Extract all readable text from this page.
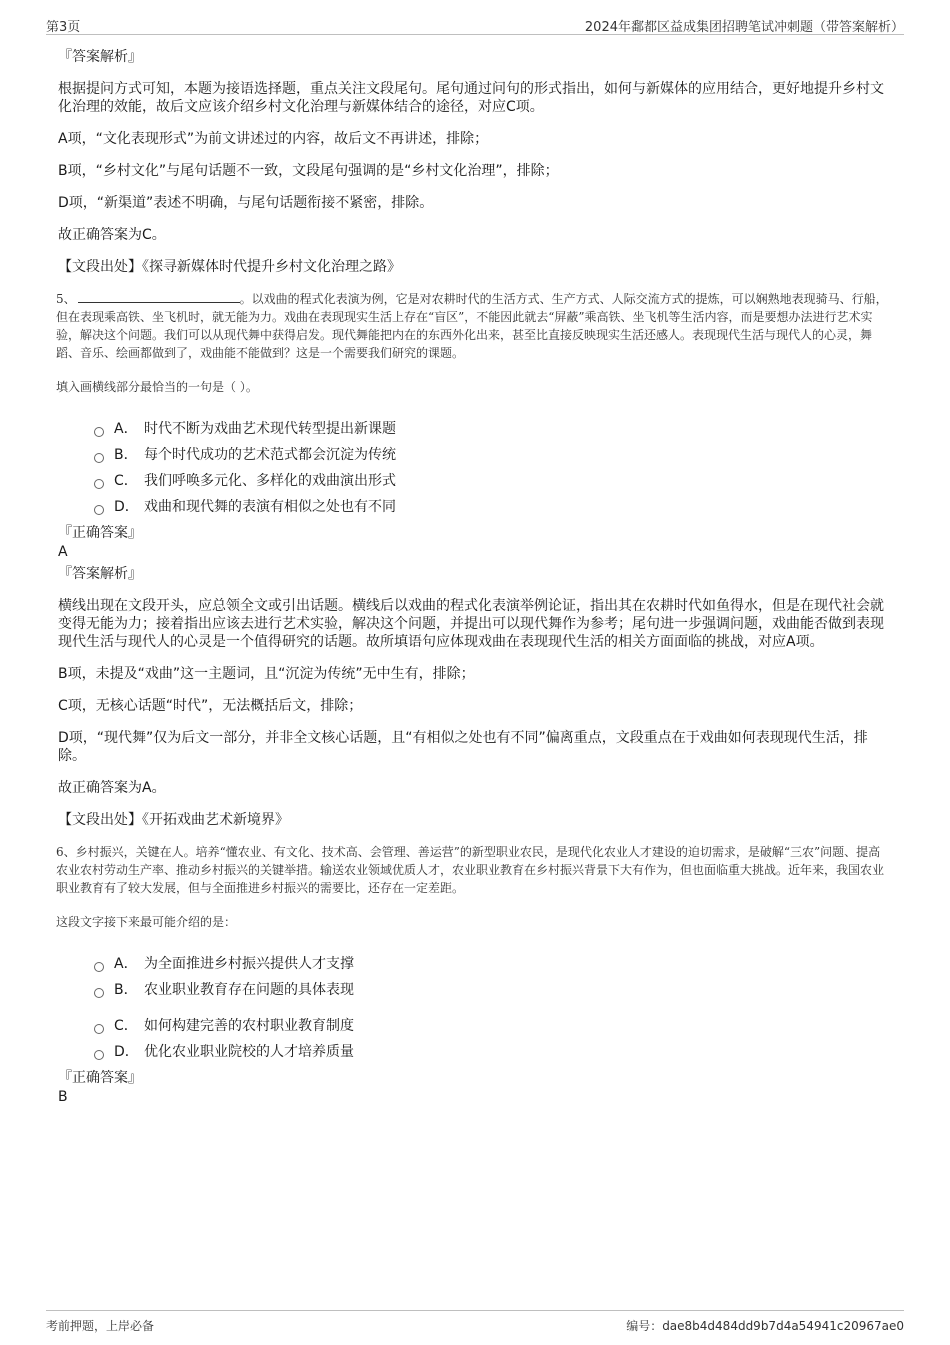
第3页	2024年鄱都区益成集团招聘笔试冲刺题（带答案解析）
『答案解析』
根据提问方式可知，本题为接语选择题，重点关注文段尾句。尾句通过问句的形式指出，如何与新媒体的应用结合，更好地提升乡村文化治理的效能，故后文应该介绍乡村文化治理与新媒体结合的途径，对应C项。
A项，“文化表现形式”为前文讲述过的内容，故后文不再讲述，排除；
B项，“乡村文化”与尾句话题不一致，文段尾句强调的是“乡村文化治理”，排除；
D项，“新渠道”表述不明确，与尾句话题衔接不紧密，排除。
故正确答案为C。
【文段出处】《探寻新媒体时代提升乡村文化治理之路》
5、	。以戏曲的程式化表演为例，它是对农耕时代的生活方式、生产方式、人际交流方式的提炼，可以娴熟地表现骑马、行船，但在表现乘高铁、坐飞机时，就无能为力。戏曲在表现现实生活上存在“盲区”，不能因此就去“屏蔽”乘高铁、坐飞机等生活内容，而是要想办法进行艺术实验，解决这个问题。我们可以从现代舞中获得启发。现代舞能把内在的东西外化出来，甚至比直接反映现实生活还感人。表现现代生活与现代人的心灵，舞蹈、音乐、绘画都做到了，戏曲能不能做到？这是一个需要我们研究的课题。
填入画横线部分最恰当的一句是（ ）。
A． 时代不断为戏曲艺术现代转型提出新课题
B． 每个时代成功的艺术范式都会沉淀为传统
C． 我们呼唤多元化、多样化的戏曲演出形式
D． 戏曲和现代舞的表演有相似之处也有不同
『正确答案』
A
『答案解析』
横线出现在文段开头，应总领全文或引出话题。横线后以戏曲的程式化表演举例论证，指出其在农耕时代如鱼得水，但是在现代社会就变得无能为力；接着指出应该去进行艺术实验，解决这个问题，并提出可以现代舞作为参考；尾句进一步强调问题，戏曲能否做到表现现代生活与现代人的心灵是一个值得研究的话题。故所填语句应体现戏曲在表现现代生活的相关方面面临的挑战，对应A项。
B项，未提及“戏曲”这一主题词，且“沉淀为传统”无中生有，排除；
C项，无核心话题“时代”，无法概括后文，排除；
D项，“现代舞”仅为后文一部分，并非全文核心话题，且“有相似之处也有不同”偏离重点，文段重点在于戏曲如何表现现代生活，排除。
故正确答案为A。
【文段出处】《开拓戏曲艺术新境界》
6、乡村振兴，关键在人。培养“懂农业、有文化、技术高、会管理、善运营”的新型职业农民，是现代化农业人才建设的迫切需求，是破解“三农”问题、提高农业农村劳动生产率、推动乡村振兴的关键举措。输送农业领域优质人才，农业职业教育在乡村振兴背景下大有作为，但也面临重大挑战。近年来，我国农业职业教育有了较大发展，但与全面推进乡村振兴的需要比，还存在一定差距。
这段文字接下来最可能介绍的是：
A． 为全面推进乡村振兴提供人才支撑
B． 农业职业教育存在问题的具体表现
C． 如何构建完善的农村职业教育制度
D． 优化农业职业院校的人才培养质量
『正确答案』
B
考前押题，上岸必备	编号：dae8b4d484dd9b7d4a54941c20967ae0
